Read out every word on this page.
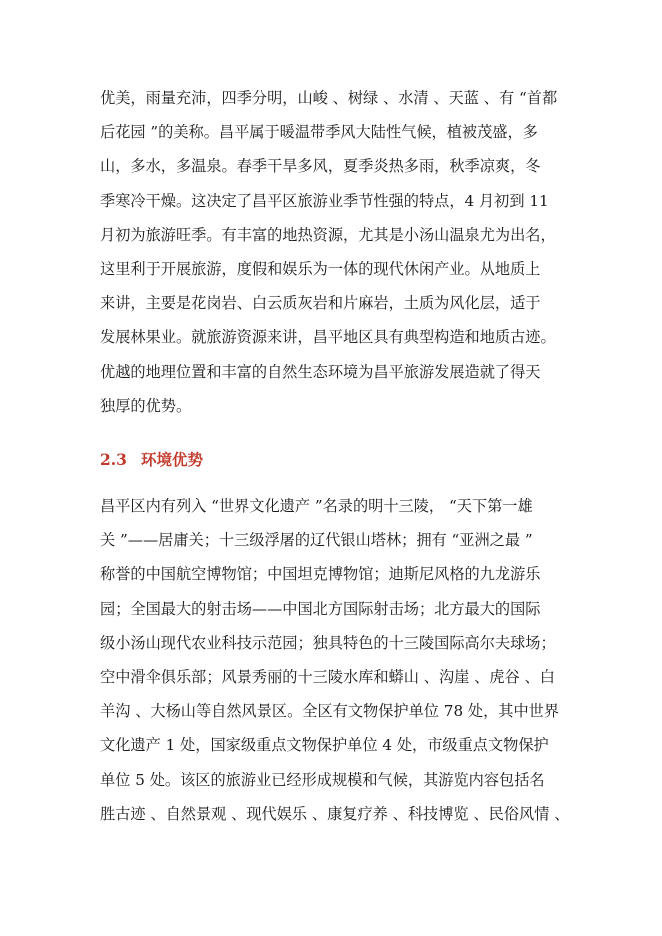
优美，雨量充沛，四季分明，山峻 、树绿 、水清 、天蓝 、有 “首都
后花园 ”的美称。昌平属于暖温带季风大陆性气候，植被茂盛，多
山，多水，多温泉。春季干旱多风，夏季炎热多雨，秋季凉爽，冬
季寒冷干燥。这决定了昌平区旅游业季节性强的特点，4 月初到 11
月初为旅游旺季。有丰富的地热资源，尤其是小汤山温泉尤为出名，
这里利于开展旅游，度假和娱乐为一体的现代休闲产业。从地质上
来讲，主要是花岗岩、白云质灰岩和片麻岩，土质为风化层，适于
发展林果业。就旅游资源来讲，昌平地区具有典型构造和地质古迹。
优越的地理位置和丰富的自然生态环境为昌平旅游发展造就了得天
独厚的优势。
2.3 环境优势
昌平区内有列入 “世界文化遗产 ”名录的明十三陵， “天下第一雄
关 ”——居庸关；十三级浮屠的辽代银山塔林；拥有 “亚洲之最 ”
称誉的中国航空博物馆；中国坦克博物馆；迪斯尼风格的九龙游乐
园；全国最大的射击场——中国北方国际射击场；北方最大的国际
级小汤山现代农业科技示范园；独具特色的十三陵国际高尔夫球场；
空中滑伞俱乐部；风景秀丽的十三陵水库和蟒山 、沟崖 、虎谷 、白
羊沟 、大杨山等自然风景区。全区有文物保护单位 78 处，其中世界
文化遗产 1 处，国家级重点文物保护单位 4 处，市级重点文物保护
单位 5 处。该区的旅游业已经形成规模和气候，其游览内容包括名
胜古迹 、自然景观 、现代娱乐 、康复疗养 、科技博览 、民俗风情 、
